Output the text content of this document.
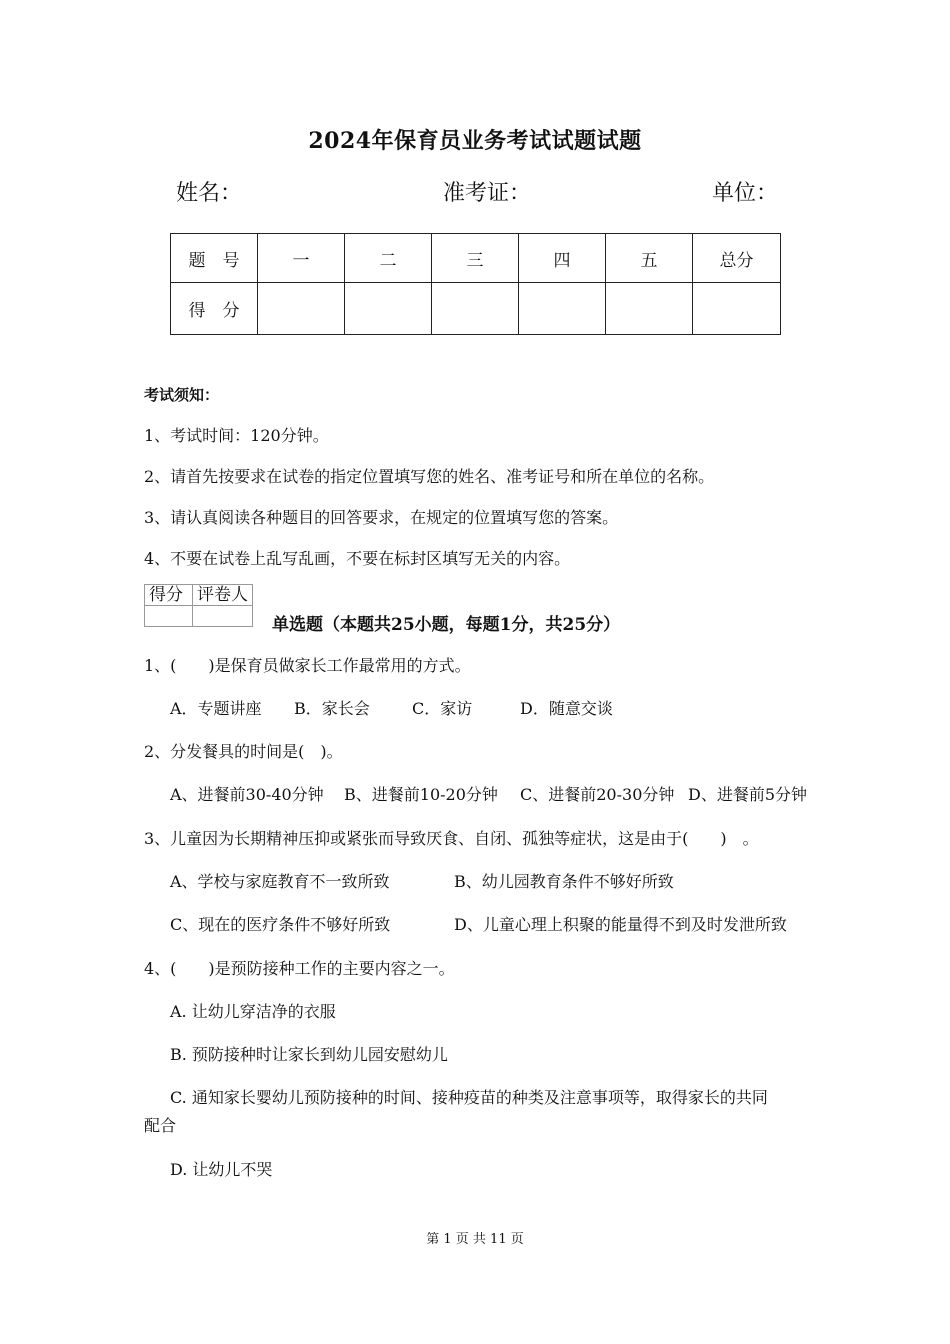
2024年保育员业务考试试题试题
姓名：	准考证：	单位：
题　号	一	二	三	四	五	总分
得　分						
考试须知：
1、考试时间：120分钟。
2、请首先按要求在试卷的指定位置填写您的姓名、准考证号和所在单位的名称。
3、请认真阅读各种题目的回答要求，在规定的位置填写您的答案。
4、不要在试卷上乱写乱画，不要在标封区填写无关的内容。
得分	评卷人

单选题（本题共25小题，每题1分，共25分）
1、(　　)是保育员做家长工作最常用的方式。
A．专题讲座 B．家长会	C．家访	D．随意交谈
2、分发餐具的时间是(　)。
A、进餐前30-40分钟 B、进餐前10-20分钟 C、进餐前20-30分钟 D、进餐前5分钟
3、儿童因为长期精神压抑或紧张而导致厌食、自闭、孤独等症状，这是由于(　　)　。
A、学校与家庭教育不一致所致	B、幼儿园教育条件不够好所致
C、现在的医疗条件不够好所致	D、儿童心理上积聚的能量得不到及时发泄所致
4、(　　)是预防接种工作的主要内容之一。
A. 让幼儿穿洁净的衣服
B. 预防接种时让家长到幼儿园安慰幼儿
C. 通知家长婴幼儿预防接种的时间、接种疫苗的种类及注意事项等，取得家长的共同
配合
D. 让幼儿不哭
第 1 页 共 11 页
